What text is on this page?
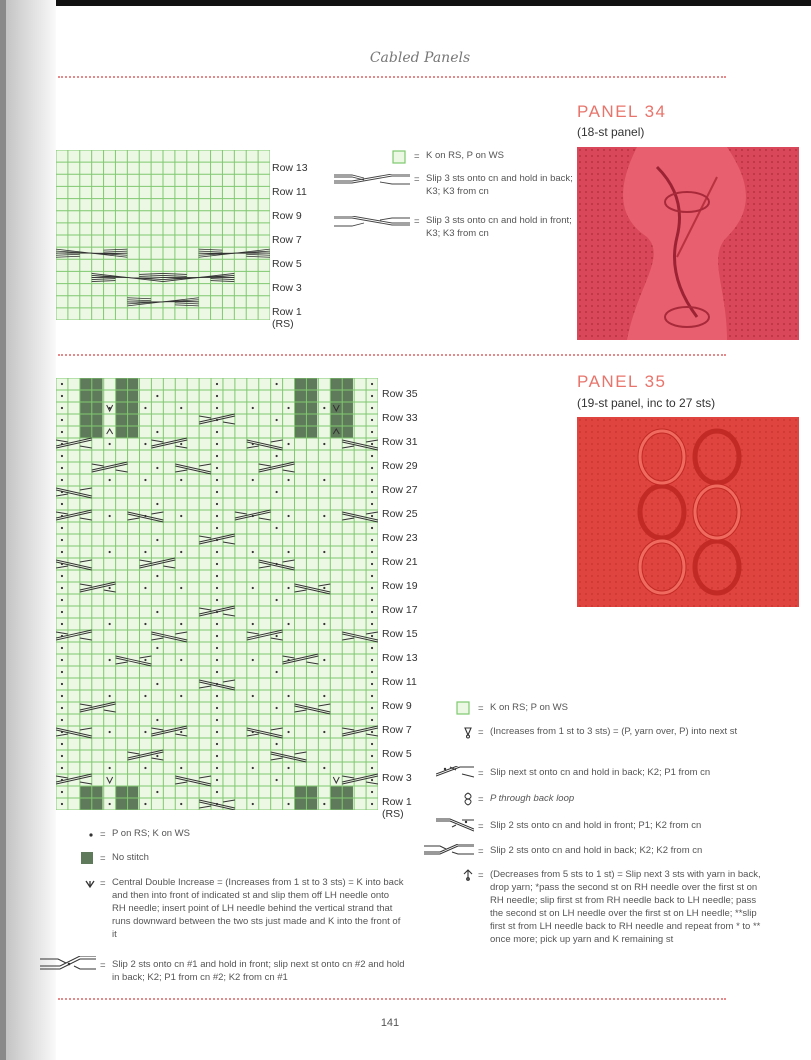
Cabled Panels
Row 13
Row 11
Row 9
Row 7
Row 5
Row 3
Row 1
(RS)
= K on RS, P on WS
= Slip 3 sts onto cn and hold in back; K3; K3 from cn
= Slip 3 sts onto cn and hold in front; K3; K3 from cn
PANEL 34
(18-st panel)
Row 35
Row 33
Row 31
Row 29
Row 27
Row 25
Row 23
Row 21
Row 19
Row 17
Row 15
Row 13
Row 11
Row 9
Row 7
Row 5
Row 3
Row 1
(RS)
PANEL 35
(19-st panel, inc to 27 sts)
= P on RS; K on WS
= No stitch
= Central Double Increase = (Increases from 1 st to 3 sts) = K into back and then into front of indicated st and slip them off LH needle onto RH needle; insert point of LH needle behind the vertical strand that runs downward between the two sts just made and K into the front of it
= Slip 2 sts onto cn #1 and hold in front; slip next st onto cn #2 and hold in back; K2; P1 from cn #2; K2 from cn #1
= K on RS; P on WS
= (Increases from 1 st to 3 sts) = (P, yarn over, P) into next st
= Slip next st onto cn and hold in back; K2; P1 from cn
= P through back loop
= Slip 2 sts onto cn and hold in front; P1; K2 from cn
= Slip 2 sts onto cn and hold in back; K2; K2 from cn
= (Decreases from 5 sts to 1 st) = Slip next 3 sts with yarn in back, drop yarn; *pass the second st on RH needle over the first st on RH needle; slip first st from RH needle back to LH needle; pass the second st on LH needle over the first st on LH needle; **slip first st from LH needle back to RH needle and repeat from * to ** once more; pick up yarn and K remaining st
141
